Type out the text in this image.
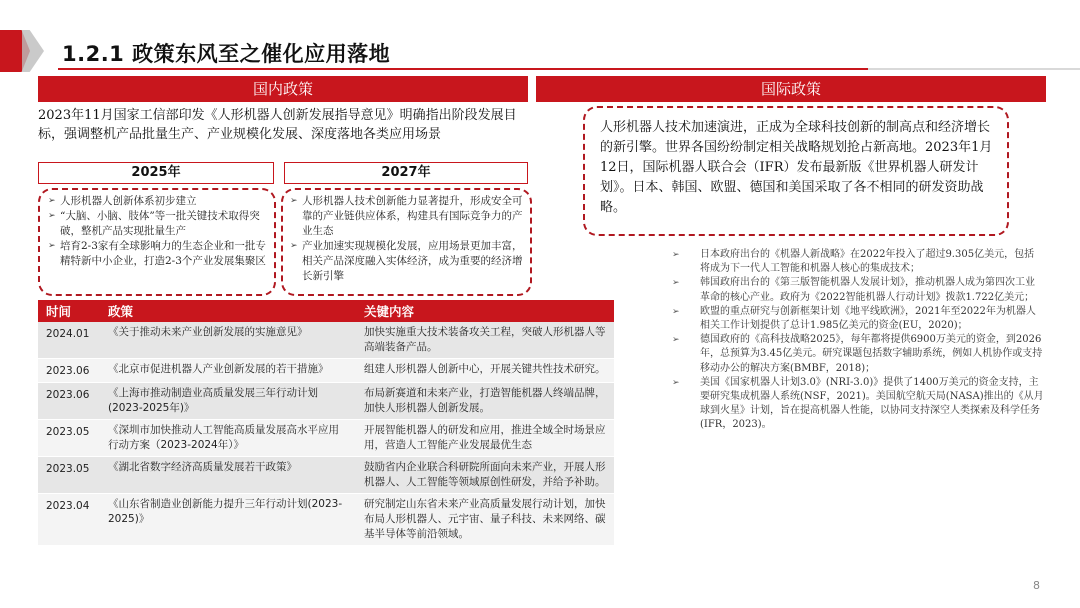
1.2.1 政策东风至之催化应用落地
国内政策	国际政策
2023年11月国家工信部印发《人形机器人创新发展指导意见》明确指出阶段发展目标，强调整机产品批量生产、产业规模化发展、深度落地各类应用场景
2025年	2027年
➢ 人形机器人创新体系初步建立
➢ “大脑、小脑、肢体”等一批关键技术取得突破，整机产品实现批量生产
➢ 培育2-3家有全球影响力的生态企业和一批专精特新中小企业，打造2-3个产业发展集聚区
➢ 人形机器人技术创新能力显著提升，形成安全可靠的产业链供应体系，构建具有国际竞争力的产业生态
➢ 产业加速实现规模化发展，应用场景更加丰富，相关产品深度融入实体经济，成为重要的经济增长新引擎
人形机器人技术加速演进，正成为全球科技创新的制高点和经济增长的新引擎。世界各国纷纷制定相关战略规划抢占新高地。2023年1月12日，国际机器人联合会（IFR）发布最新版《世界机器人研发计划》。日本、韩国、欧盟、德国和美国采取了各不相同的研发资助战略。
时间	政策	关键内容
2024.01	《关于推动未来产业创新发展的实施意见》	加快实施重大技术装备攻关工程，突破人形机器人等高端装备产品。
2023.06	《北京市促进机器人产业创新发展的若干措施》	组建人形机器人创新中心，开展关键共性技术研究。
2023.06	《上海市推动制造业高质量发展三年行动计划(2023-2025年)》	布局新赛道和未来产业，打造智能机器人终端品牌，加快人形机器人创新发展。
2023.05	《深圳市加快推动人工智能高质量发展高水平应用行动方案（2023-2024年）》	开展智能机器人的研发和应用，推进全域全时场景应用，营造人工智能产业发展最优生态
2023.05	《湖北省数字经济高质量发展若干政策》	鼓励省内企业联合科研院所面向未来产业，开展人形机器人、人工智能等领域原创性研发，并给予补助。
2023.04	《山东省制造业创新能力提升三年行动计划(2023-2025)》	研究制定山东省未来产业高质量发展行动计划，加快布局人形机器人、元宇宙、量子科技、未来网络、碳基半导体等前沿领域。
➢ 日本政府出台的《机器人新战略》在2022年投入了超过9.305亿美元，包括将成为下一代人工智能和机器人核心的集成技术；
➢ 韩国政府出台的《第三版智能机器人发展计划》，推动机器人成为第四次工业革命的核心产业。政府为《2022智能机器人行动计划》拨款1.722亿美元；
➢ 欧盟的重点研究与创新框架计划《地平线欧洲》，2021年至2022年为机器人相关工作计划提供了总计1.985亿美元的资金(EU，2020)；
➢ 德国政府的《高科技战略2025》，每年都将提供6900万美元的资金，到2026年，总预算为3.45亿美元。研究课题包括数字辅助系统，例如人机协作或支持移动办公的解决方案(BMBF，2018)；
➢ 美国《国家机器人计划3.0》(NRI-3.0)》提供了1400万美元的资金支持，主要研究集成机器人系统(NSF，2021)。美国航空航天局(NASA)推出的《从月球到火星》计划，旨在提高机器人性能，以协同支持深空人类探索及科学任务(IFR，2023)。
8
